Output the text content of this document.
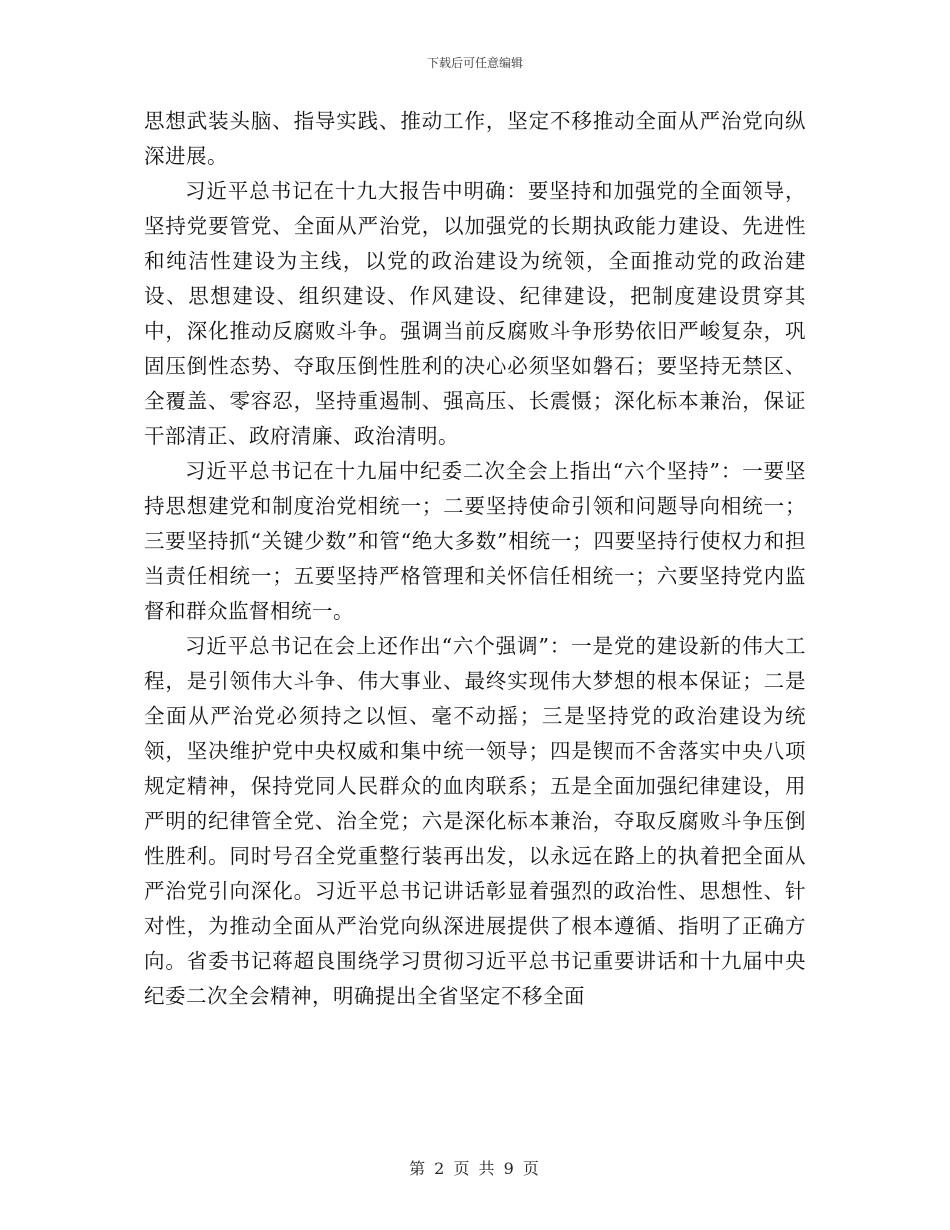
下载后可任意编辑

思想武装头脑、指导实践、推动工作，坚定不移推动全面从严治党向纵深进展。

习近平总书记在十九大报告中明确：要坚持和加强党的全面领导，坚持党要管党、全面从严治党，以加强党的长期执政能力建设、先进性和纯洁性建设为主线，以党的政治建设为统领，全面推动党的政治建设、思想建设、组织建设、作风建设、纪律建设，把制度建设贯穿其中，深化推动反腐败斗争。强调当前反腐败斗争形势依旧严峻复杂，巩固压倒性态势、夺取压倒性胜利的决心必须坚如磐石；要坚持无禁区、全覆盖、零容忍，坚持重遏制、强高压、长震慑；深化标本兼治，保证干部清正、政府清廉、政治清明。

习近平总书记在十九届中纪委二次全会上指出“六个坚持”：一要坚持思想建党和制度治党相统一；二要坚持使命引领和问题导向相统一；三要坚持抓“关键少数”和管“绝大多数”相统一；四要坚持行使权力和担当责任相统一；五要坚持严格管理和关怀信任相统一；六要坚持党内监督和群众监督相统一。

习近平总书记在会上还作出“六个强调”：一是党的建设新的伟大工程，是引领伟大斗争、伟大事业、最终实现伟大梦想的根本保证；二是全面从严治党必须持之以恒、毫不动摇；三是坚持党的政治建设为统领，坚决维护党中央权威和集中统一领导；四是锲而不舍落实中央八项规定精神，保持党同人民群众的血肉联系；五是全面加强纪律建设，用严明的纪律管全党、治全党；六是深化标本兼治，夺取反腐败斗争压倒性胜利。同时号召全党重整行装再出发，以永远在路上的执着把全面从严治党引向深化。习近平总书记讲话彰显着强烈的政治性、思想性、针对性，为推动全面从严治党向纵深进展提供了根本遵循、指明了正确方向。省委书记蒋超良围绕学习贯彻习近平总书记重要讲话和十九届中央纪委二次全会精神，明确提出全省坚定不移全面

第 2 页 共 9 页
